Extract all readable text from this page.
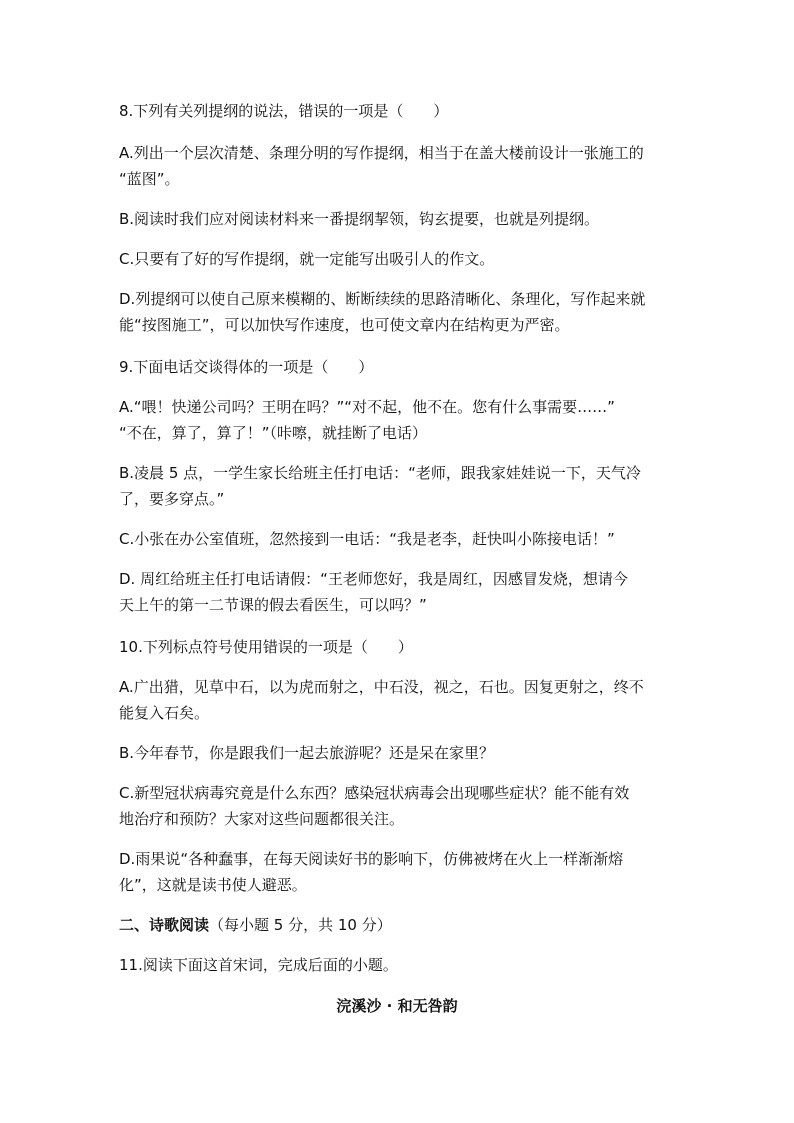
8.下列有关列提纲的说法，错误的一项是（　　）
A.列出一个层次清楚、条理分明的写作提纲，相当于在盖大楼前设计一张施工的
“蓝图”。
B.阅读时我们应对阅读材料来一番提纲挈领，钩玄提要，也就是列提纲。
C.只要有了好的写作提纲，就一定能写出吸引人的作文。
D.列提纲可以使自己原来模糊的、断断续续的思路清晰化、条理化，写作起来就
能“按图施工”，可以加快写作速度，也可使文章内在结构更为严密。
9.下面电话交谈得体的一项是（　　）
A.“喂！快递公司吗？王明在吗？”“对不起，他不在。您有什么事需要……”
“不在，算了，算了！”（咔嚓，就挂断了电话）
B.凌晨 5 点，一学生家长给班主任打电话：“老师，跟我家娃娃说一下，天气冷
了，要多穿点。”
C.小张在办公室值班，忽然接到一电话：“我是老李，赶快叫小陈接电话！”
D. 周红给班主任打电话请假：“王老师您好，我是周红，因感冒发烧，想请今
天上午的第一二节课的假去看医生，可以吗？”
10.下列标点符号使用错误的一项是（　　）
A.广出猎，见草中石，以为虎而射之，中石没，视之，石也。因复更射之，终不
能复入石矣。
B.今年春节，你是跟我们一起去旅游呢？还是呆在家里？
C.新型冠状病毒究竟是什么东西？感染冠状病毒会出现哪些症状？能不能有效
地治疗和预防？大家对这些问题都很关注。
D.雨果说“各种蠢事，在每天阅读好书的影响下，仿佛被烤在火上一样渐渐熔
化”，这就是读书使人避恶。
二、诗歌阅读（每小题 5 分，共 10 分）
11.阅读下面这首宋词，完成后面的小题。
浣溪沙 · 和无咎韵
